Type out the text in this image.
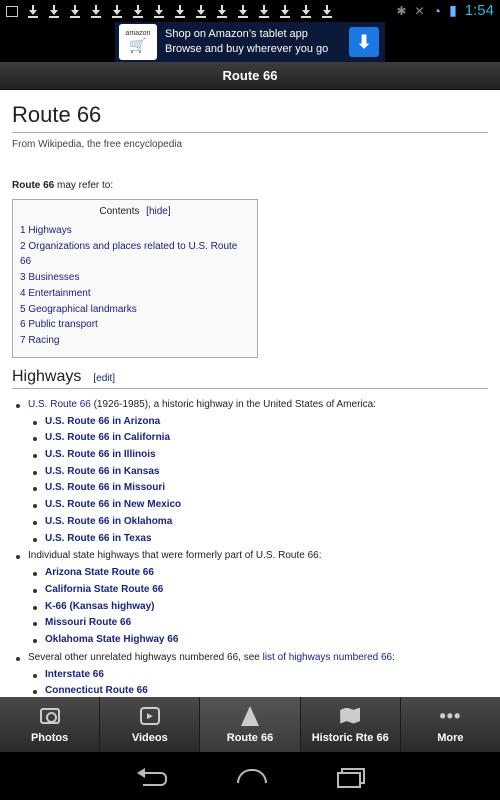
✱ ✕ ◔ ▮ 1:54
amazon
🛒
Shop on Amazon’s tablet app
Browse and buy wherever you go	⬇
Route 66
Route 66
From Wikipedia, the free encyclopedia
Route 66 may refer to:
Contents [hide]
1 Highways
2 Organizations and places related to U.S. Route 66
3 Businesses
4 Entertainment
5 Geographical landmarks
6 Public transport
7 Racing
Highways [edit]
U.S. Route 66 (1926-1985), a historic highway in the United States of America:
U.S. Route 66 in Arizona
U.S. Route 66 in California
U.S. Route 66 in Illinois
U.S. Route 66 in Kansas
U.S. Route 66 in Missouri
U.S. Route 66 in New Mexico
U.S. Route 66 in Oklahoma
U.S. Route 66 in Texas
Individual state highways that were formerly part of U.S. Route 66:
Arizona State Route 66
California State Route 66
K-66 (Kansas highway)
Missouri Route 66
Oklahoma State Highway 66
Several other unrelated highways numbered 66, see list of highways numbered 66:
Interstate 66
Connecticut Route 66
Photos
▶
Videos	Route 66	Historic Rte 66
•••
More
